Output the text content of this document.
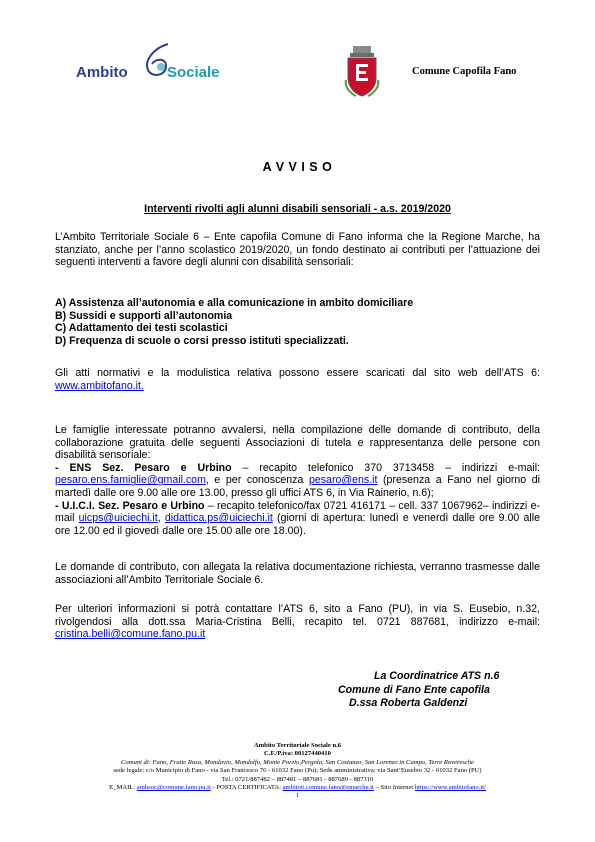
Ambito	Sociale	Comune Capofila Fano
A V V I S O
Interventi rivolti agli alunni disabili sensoriali - a.s. 2019/2020
L’Ambito Territoriale Sociale 6 – Ente capofila Comune di Fano informa che la Regione Marche, ha stanziato, anche per l’anno scolastico 2019/2020, un fondo destinato ai contributi per l’attuazione dei seguenti interventi a favore degli alunni con disabilità sensoriali:
A) Assistenza all’autonomia e alla comunicazione in ambito domiciliare
B) Sussidi e supporti all’autonomia
C) Adattamento dei testi scolastici
D) Frequenza di scuole o corsi presso istituti specializzati.
Gli atti normativi e la modulistica relativa possono essere scaricati dal sito web dell’ATS 6: www.ambitofano.it.
Le famiglie interessate potranno avvalersi, nella compilazione delle domande di contributo, della collaborazione gratuita delle seguenti Associazioni di tutela e rappresentanza delle persone con disabilità sensoriale:
- ENS Sez. Pesaro e Urbino – recapito telefonico 370 3713458 – indirizzi e-mail: pesaro.ens.famiglie@gmail.com, e per conoscenza pesaro@ens.it (presenza a Fano nel giorno di martedì dalle ore 9.00 alle ore 13.00, presso gli uffici ATS 6, in Via Rainerio, n.6);
- U.I.C.I. Sez. Pesaro e Urbino – recapito telefonico/fax 0721 416171 – cell. 337 1067962– indirizzi e-mail uicps@uiciechi.it, didattica.ps@uiciechi.it (giorni di apertura: lunedì e venerdì dalle ore 9.00 alle ore 12.00 ed il giovedì dalle ore 15.00 alle ore 18.00).
Le domande di contributo, con allegata la relativa documentazione richiesta, verranno trasmesse dalle associazioni all’Ambito Territoriale Sociale 6.
Per ulteriori informazioni si potrà contattare l’ATS 6, sito a Fano (PU), in via S. Eusebio, n.32, rivolgendosi alla dott.ssa Maria-Cristina Belli, recapito tel. 0721 887681, indirizzo e-mail: cristina.belli@comune.fano.pu.it
La Coordinatrice ATS n.6
Comune di Fano Ente capofila
D.ssa Roberta Galdenzi
Ambito Territoriale Sociale n.6
C.F./P.iva: 00127440410
Comuni di: Fano, Fratte Rosa, Mondavio, Mondolfo, Monte Porzio,Pergola, San Costanzo, San Lorenzo in Campo, Terre Roveresche
sede legale: c/o Municipio di Fano - via San Francesco 76 - 61032 Fano (Pu); Sede amministrativa: via Sant’Eusebio 32 - 61032 Fano (PU)
Tel.: 0721/887482 – 887481 – 887681 - 887689 - 887310
E_MAIL: ambsoc@comune.fano.pu.it - POSTA CERTIFICATA: ambito6.comune.fano@emarche.it – Sito Internet https://www.ambitofano.it/
1
